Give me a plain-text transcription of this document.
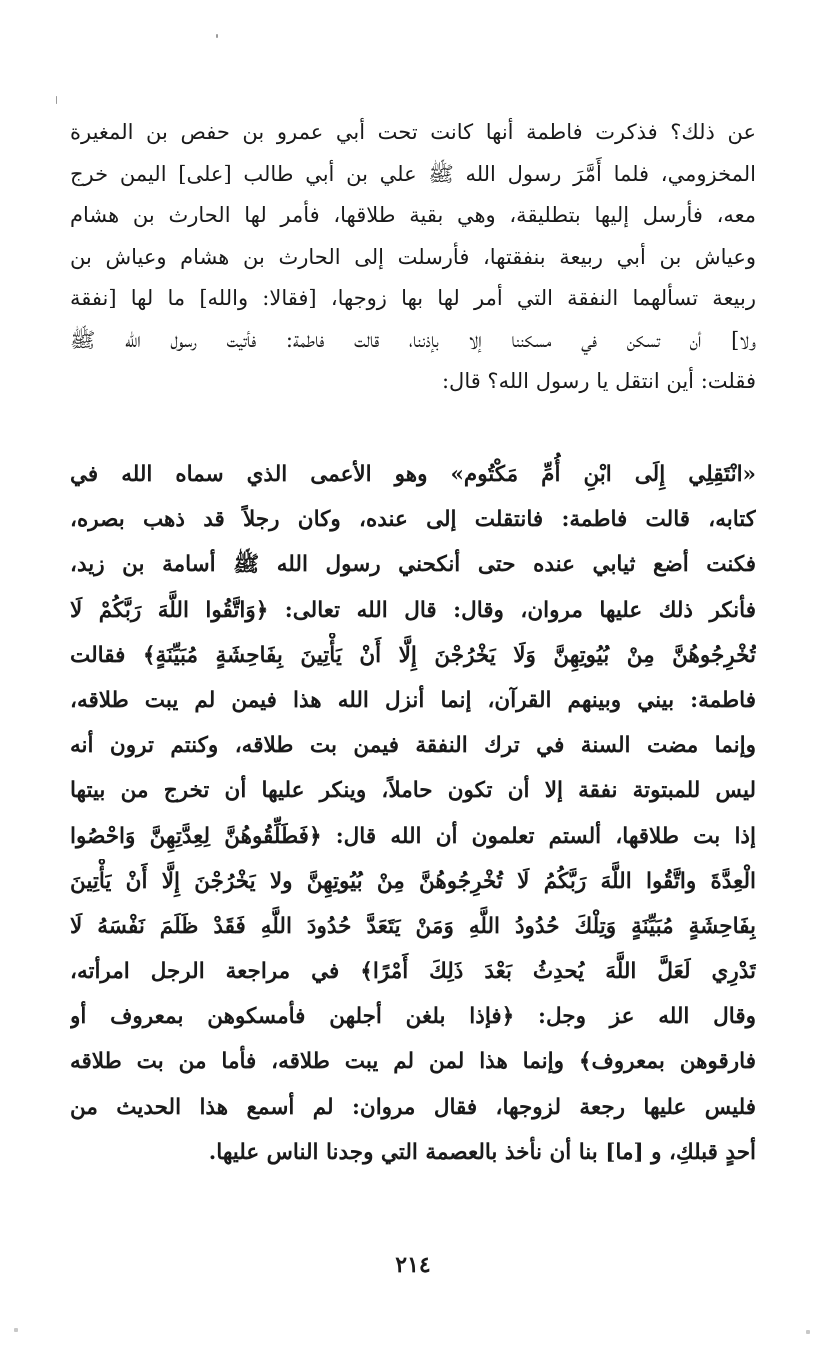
عن ذلك؟ فذكرت فاطمة أنها كانت تحت أبي عمرو بن حفص بن المغيرة
المخزومي، فلما أَمَّرَ رسول الله ﷺ علي بن أبي طالب [على] اليمن خرج
معه، فأرسل إليها بتطليقة، وهي بقية طلاقها، فأمر لها الحارث بن هشام
وعياش بن أبي ربيعة بنفقتها، فأرسلت إلى الحارث بن هشام وعياش بن
ربيعة تسألهما النفقة التي أمر لها بها زوجها، [فقالا: والله] ما لها [نفقة
ولا] أن تسكن في مسكننا إلا بإذننا، قالت فاطمة: فأتيت رسول الله ﷺ
فقلت: أين انتقل يا رسول الله؟ قال:
«انْتَقِلِي إِلَى ابْنِ أُمِّ مَكْتُوم» وهو الأعمى الذي سماه الله في
كتابه، قالت فاطمة: فانتقلت إلى عنده، وكان رجلاً قد ذهب بصره،
فكنت أضع ثيابي عنده حتى أنكحني رسول الله ﷺ أسامة بن زيد،
فأنكر ذلك عليها مروان، وقال: قال الله تعالى: ﴿وَاتَّقُوا اللَّهَ رَبَّكُمْ لَا
تُخْرِجُوهُنَّ مِنْ بُيُوتِهِنَّ وَلَا يَخْرُجْنَ إِلَّا أَنْ يَأْتِينَ بِفَاحِشَةٍ مُبَيِّنَةٍ﴾ فقالت
فاطمة: بيني وبينهم القرآن، إنما أنزل الله هذا فيمن لم يبت طلاقه،
وإنما مضت السنة في ترك النفقة فيمن بت طلاقه، وكنتم ترون أنه
ليس للمبتوتة نفقة إلا أن تكون حاملاً، وينكر عليها أن تخرج من بيتها
إذا بت طلاقها، ألستم تعلمون أن الله قال: ﴿فَطَلِّقُوهُنَّ لِعِدَّتِهِنَّ وَاحْصُوا
الْعِدَّةَ واتَّقُوا اللَّهَ رَبَّكُمُ لَا تُخْرِجُوهُنَّ مِنْ بُيُوتِهِنَّ ولا يَخْرُجْنَ إِلَّا أَنْ يَأْتِينَ
بِفَاحِشَةٍ مُبَيِّنَةٍ وَتِلْكَ حُدُودُ اللَّهِ وَمَنْ يَتَعَدَّ حُدُودَ اللَّهِ فَقَدْ ظَلَمَ نَفْسَهُ لَا
تَدْرِي لَعَلَّ اللَّهَ يُحدِثُ بَعْدَ ذَلِكَ أَمْرًا﴾ في مراجعة الرجل امرأته،
وقال الله عز وجل: ﴿فإذا بلغن أجلهن فأمسكوهن بمعروف أو
فارقوهن بمعروف﴾ وإنما هذا لمن لم يبت طلاقه، فأما من بت طلاقه
فليس عليها رجعة لزوجها، فقال مروان: لم أسمع هذا الحديث من
أحدٍ قبلكِ، و [ما] بنا أن نأخذ بالعصمة التي وجدنا الناس عليها.
٢١٤
